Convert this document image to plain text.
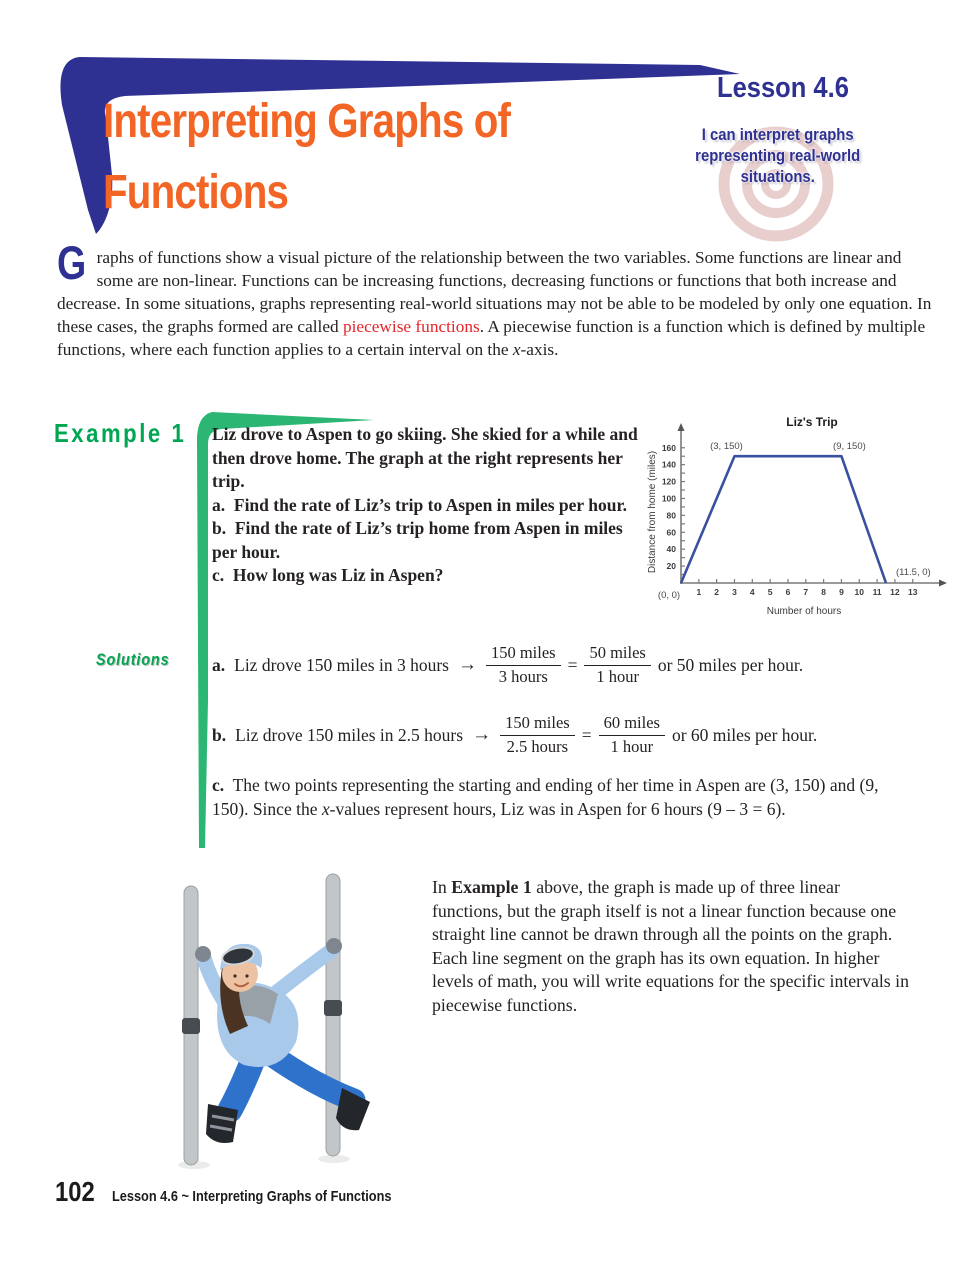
Interpreting Graphs of
Functions
Lesson 4.6
I can interpret graphs
representing real-world
situations.
Graphs of functions show a visual picture of the relationship between the two variables. Some functions are linear and some are non-linear. Functions can be increasing functions, decreasing functions or functions that both increase and decrease. In some situations, graphs representing real-world situations may not be able to be modeled by only one equation. In these cases, the graphs formed are called piecewise functions. A piecewise function is a function which is defined by multiple functions, where each function applies to a certain interval on the x-axis.
Example 1	Liz drove to Aspen to go skiing. She skied for a while and then drove home. The graph at the right represents her trip.
a.  Find the rate of Liz’s trip to Aspen in miles per hour.
b.  Find the rate of Liz’s trip home from Aspen in miles per hour.
c.  How long was Liz in Aspen?
1 2 3 4 5 6 7 8 9 10 11 12 13
20
40
60
80
100
120
140
160
(0, 0)
(3, 150)	(9, 150)
(11.5, 0)
Liz's Trip
Number of hours
Distance from home (miles)
Solutions	a. Liz drove 150 miles in 3 hours → $\frac{\text{150 miles}}{\text{3 hours}} = \frac{\text{50 miles}}{\text{1 hour}}$ or 50 miles per hour.
b. Liz drove 150 miles in 2.5 hours → $\frac{\text{150 miles}}{\text{2.5 hours}} = \frac{\text{60 miles}}{\text{1 hour}}$ or 60 miles per hour.
c.  The two points representing the starting and ending of her time in Aspen are (3, 150) and (9, 150). Since the x-values represent hours, Liz was in Aspen for 6 hours (9 – 3 = 6).
In Example 1 above, the graph is made up of three linear functions, but the graph itself is not a linear function because one straight line cannot be drawn through all the points on the graph. Each line segment on the graph has its own equation. In higher levels of math, you will write equations for the specific intervals in piecewise functions.
102 Lesson 4.6 ~ Interpreting Graphs of Functions
